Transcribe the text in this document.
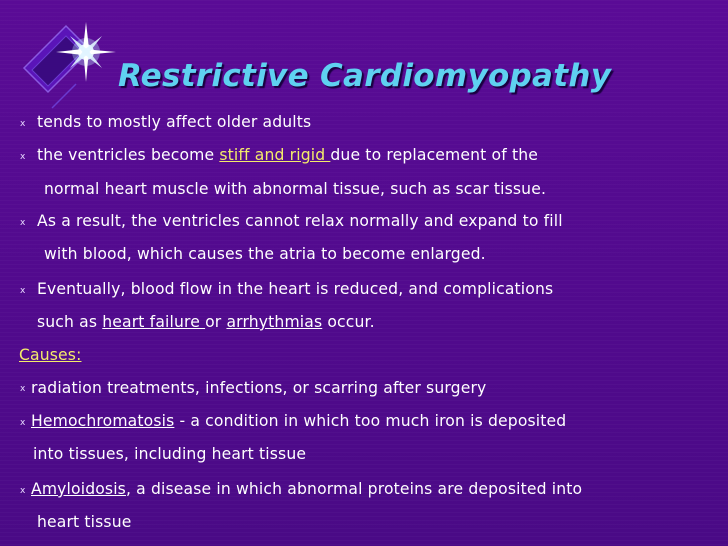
Restrictive Cardiomyopathy
x tends to mostly affect older adults
x the ventricles become stiff and rigid due to replacement of the
normal heart muscle with abnormal tissue, such as scar tissue.
x As a result, the ventricles cannot relax normally and expand to fill
with blood, which causes the atria to become enlarged.
x Eventually, blood flow in the heart is reduced, and complications
such as heart failure or arrhythmias occur.
Causes:
x radiation treatments, infections, or scarring after surgery
x Hemochromatosis - a condition in which too much iron is deposited
into tissues, including heart tissue
x Amyloidosis, a disease in which abnormal proteins are deposited into
heart tissue
